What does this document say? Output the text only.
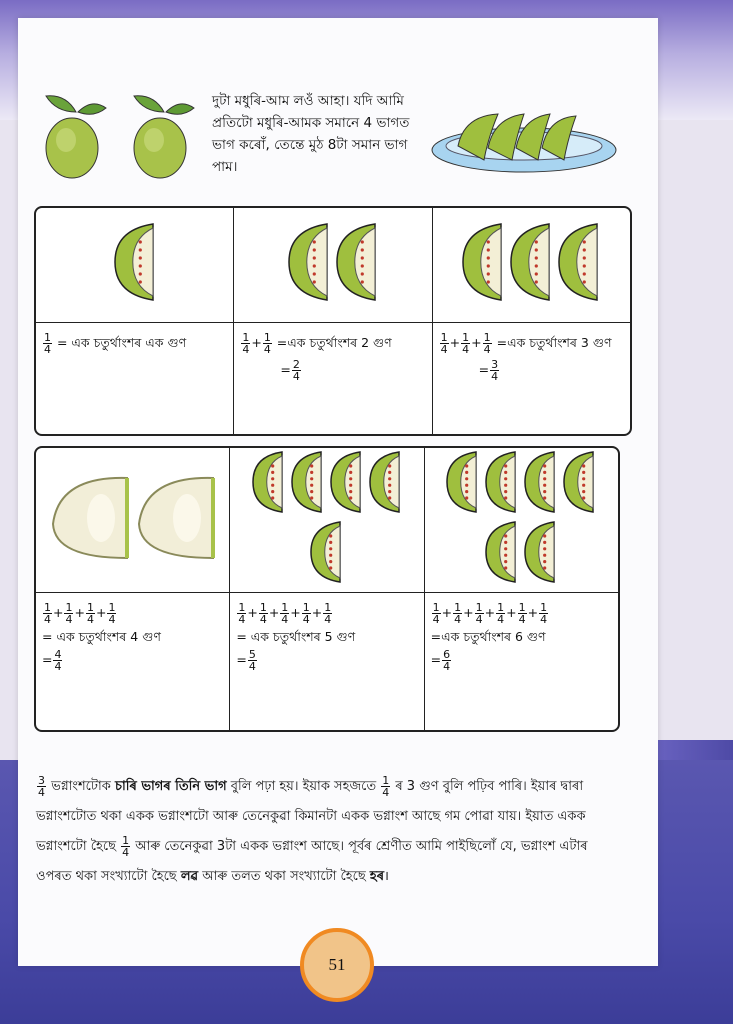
দুটা মধুৰি-আম লওঁ আহা। যদি আমি প্ৰতিটো মধুৰি-আমক সমানে 4 ভাগত ভাগ কৰোঁ, তেন্তে মুঠ 8টা সমান ভাগ পাম।
$\frac{1}{4}$ = এক চতুৰ্থাংশৰ এক গুণ	$\frac{1}{4} + \frac{1}{4}$ =এক চতুৰ্থাংশৰ 2 গুণ
= $\frac{2}{4}$
$\frac{1}{4} + \frac{1}{4} + \frac{1}{4}$ =এক চতুৰ্থাংশৰ 3 গুণ
= $\frac{3}{4}$
$\frac{1}{4} + \frac{1}{4} + \frac{1}{4} + \frac{1}{4}$
= এক চতুৰ্থাংশৰ 4 গুণ
= $\frac{4}{4}$
$\frac{1}{4} + \frac{1}{4} + \frac{1}{4} + \frac{1}{4} + \frac{1}{4}$
= এক চতুৰ্থাংশৰ 5 গুণ
= $\frac{5}{4}$
$\frac{1}{4} + \frac{1}{4} + \frac{1}{4} + \frac{1}{4} + \frac{1}{4} + \frac{1}{4}$
=এক চতুৰ্থাংশৰ 6 গুণ
= $\frac{6}{4}$
$\frac{3}{4}$ ভগ্নাংশটোক চাৰি ভাগৰ তিনি ভাগ বুলি পঢ়া হয়। ইয়াক সহজতে $\frac{1}{4}$ ৰ 3 গুণ বুলি পঢ়িব পাৰি। ইয়াৰ দ্বাৰা ভগ্নাংশটোত থকা একক ভগ্নাংশটো আৰু তেনেকুৱা কিমানটা একক ভগ্নাংশ আছে গম পোৱা যায়। ইয়াত একক ভগ্নাংশটো হৈছে $\frac{1}{4}$ আৰু তেনেকুৱা 3টা একক ভগ্নাংশ আছে। পূৰ্বৰ শ্ৰেণীত আমি পাইছিলোঁ যে, ভগ্নাংশ এটাৰ ওপৰত থকা সংখ্যাটো হৈছে লৱ আৰু তলত থকা সংখ্যাটো হৈছে হৰ।
51
